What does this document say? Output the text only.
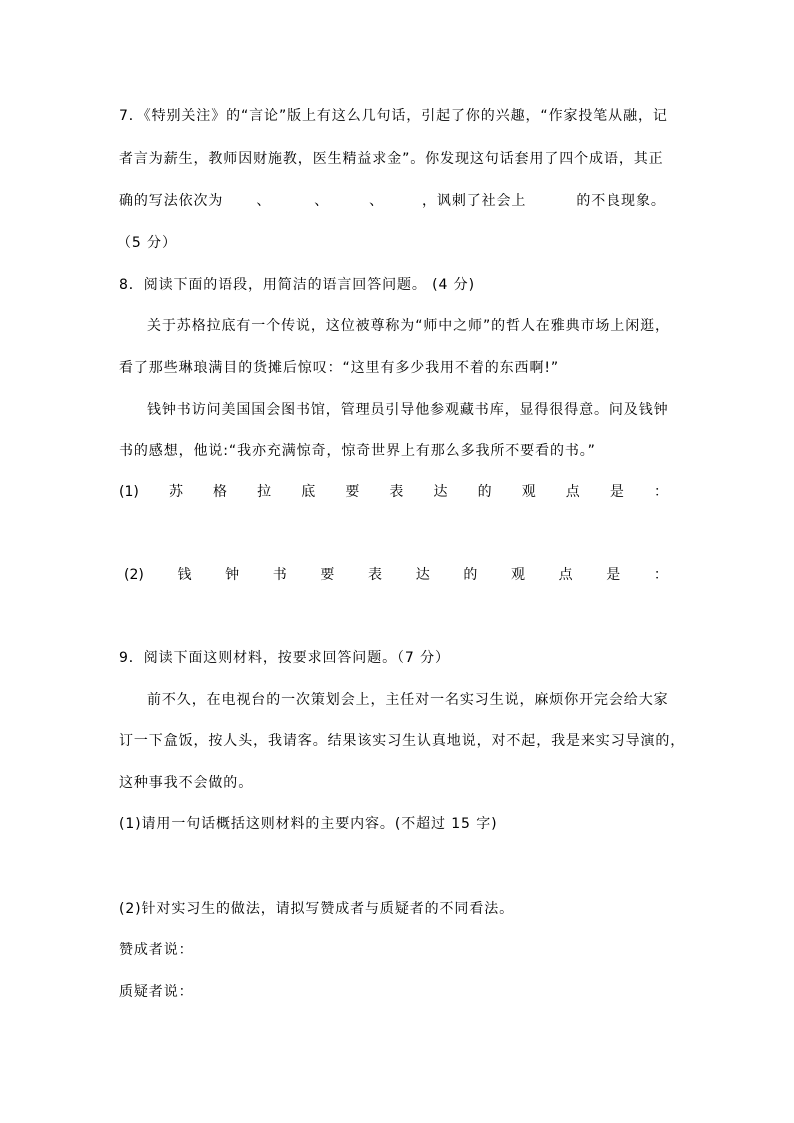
7．《特别关注》的“言论”版上有这么几句话，引起了你的兴趣，“作家投笔从融，记
者言为薪生，教师因财施教，医生精益求金”。你发现这句话套用了四个成语，其正
确的写法依次为 、	、	、	，讽刺了社会上	的不良现象。
（5 分）
8．阅读下面的语段，用简洁的语言回答问题。 (4 分)
关于苏格拉底有一个传说，这位被尊称为“师中之师”的哲人在雅典市场上闲逛，
看了那些琳琅满目的货摊后惊叹：“这里有多少我用不着的东西啊!”
钱钟书访问美国国会图书馆，管理员引导他参观藏书库，显得很得意。问及钱钟
书的感想，他说:“我亦充满惊奇，惊奇世界上有那么多我所不要看的书。”
(1) 苏 格 拉 底 要 表 达 的 观 点 是 ：
(2) 钱 钟 书 要 表 达 的 观 点 是 ：
9．阅读下面这则材料，按要求回答问题。（7 分）
前不久，在电视台的一次策划会上，主任对一名实习生说，麻烦你开完会给大家
订一下盒饭，按人头，我请客。结果该实习生认真地说，对不起，我是来实习导演的，
这种事我不会做的。
(1)请用一句话概括这则材料的主要内容。(不超过 15 字)
(2)针对实习生的做法，请拟写赞成者与质疑者的不同看法。
赞成者说：
质疑者说：
